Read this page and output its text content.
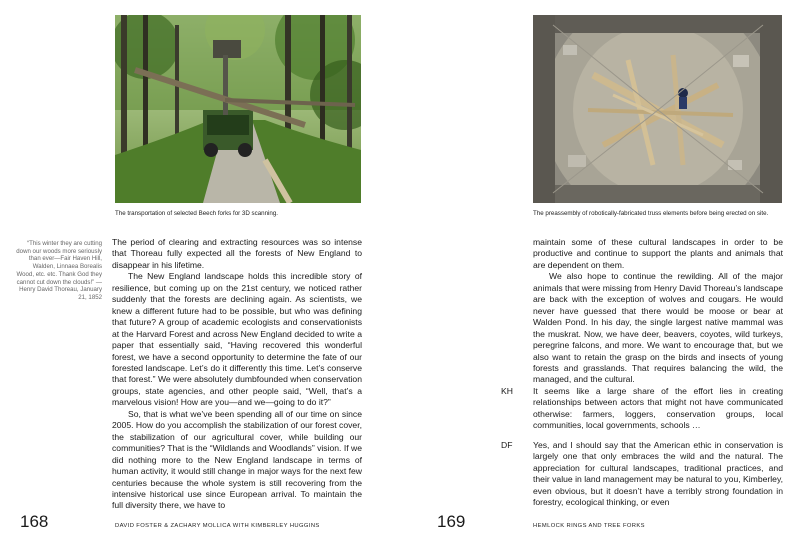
The transportation of selected Beech forks for 3D scanning.
“This winter they are cutting down our woods more seriously than ever—Fair Haven Hill, Walden, Linnaea Borealis Wood, etc. etc. Thank God they cannot cut down the clouds!” —Henry David Thoreau, January 21, 1852

The period of clearing and extracting resources was so intense that Thoreau fully expected all the forests of New England to disappear in his lifetime.

The New England landscape holds this incredible story of resilience, but coming up on the 21st century, we noticed rather suddenly that the forests are declining again. As scientists, we knew a different future had to be possible, but who was defining that future? A group of academic ecologists and conservationists at the Harvard Forest and across New England decided to write a paper that essentially said, “Having recovered this wonderful forest, we have a second opportunity to determine the fate of our forested landscape. Let’s do it differently this time. Let’s conserve that forest.” We were absolutely dumbfounded when conservation groups, state agencies, and other people said, “Well, that’s a marvelous vision! How are you—and we—going to do it?”

So, that is what we’ve been spending all of our time on since 2005. How do you accomplish the stabilization of our forest cover, the stabilization of our agricultural cover, while building our communities? That is the “Wildlands and Woodlands” vision. If we did nothing more to the New England landscape in terms of human activity, it would still change in major ways for the next few centuries because the whole system is still recovering from the intensive historical use since European arrival. To maintain the full diversity there, we have to

168	DAVID FOSTER & ZACHARY MOLLICA WITH KIMBERLEY HUGGINS
The preassembly of robotically-fabricated truss elements before being erected on site.

maintain some of these cultural landscapes in order to be productive and continue to support the plants and animals that are dependent on them.

We also hope to continue the rewilding. All of the major animals that were missing from Henry David Thoreau’s landscape are back with the exception of wolves and cougars. He would never have guessed that there would be moose or bear at Walden Pond. In his day, the single largest native mammal was the muskrat. Now, we have deer, beavers, coyotes, wild turkeys, peregrine falcons, and more. We want to encourage that, but we also want to retain the grasp on the birds and insects of young forests and grasslands. That requires balancing the wild, the managed, and the cultural.

KH It seems like a large share of the effort lies in creating relationships between actors that might not have communicated otherwise: farmers, loggers, conservation groups, local communities, local governments, schools …
DF Yes, and I should say that the American ethic in conservation is largely one that only embraces the wild and the natural. The appreciation for cultural landscapes, traditional practices, and their value in land management may be natural to you, Kimberley, even obvious, but it doesn’t have a terribly strong foundation in forestry, ecological thinking, or even
169	HEMLOCK RINGS AND TREE FORKS
